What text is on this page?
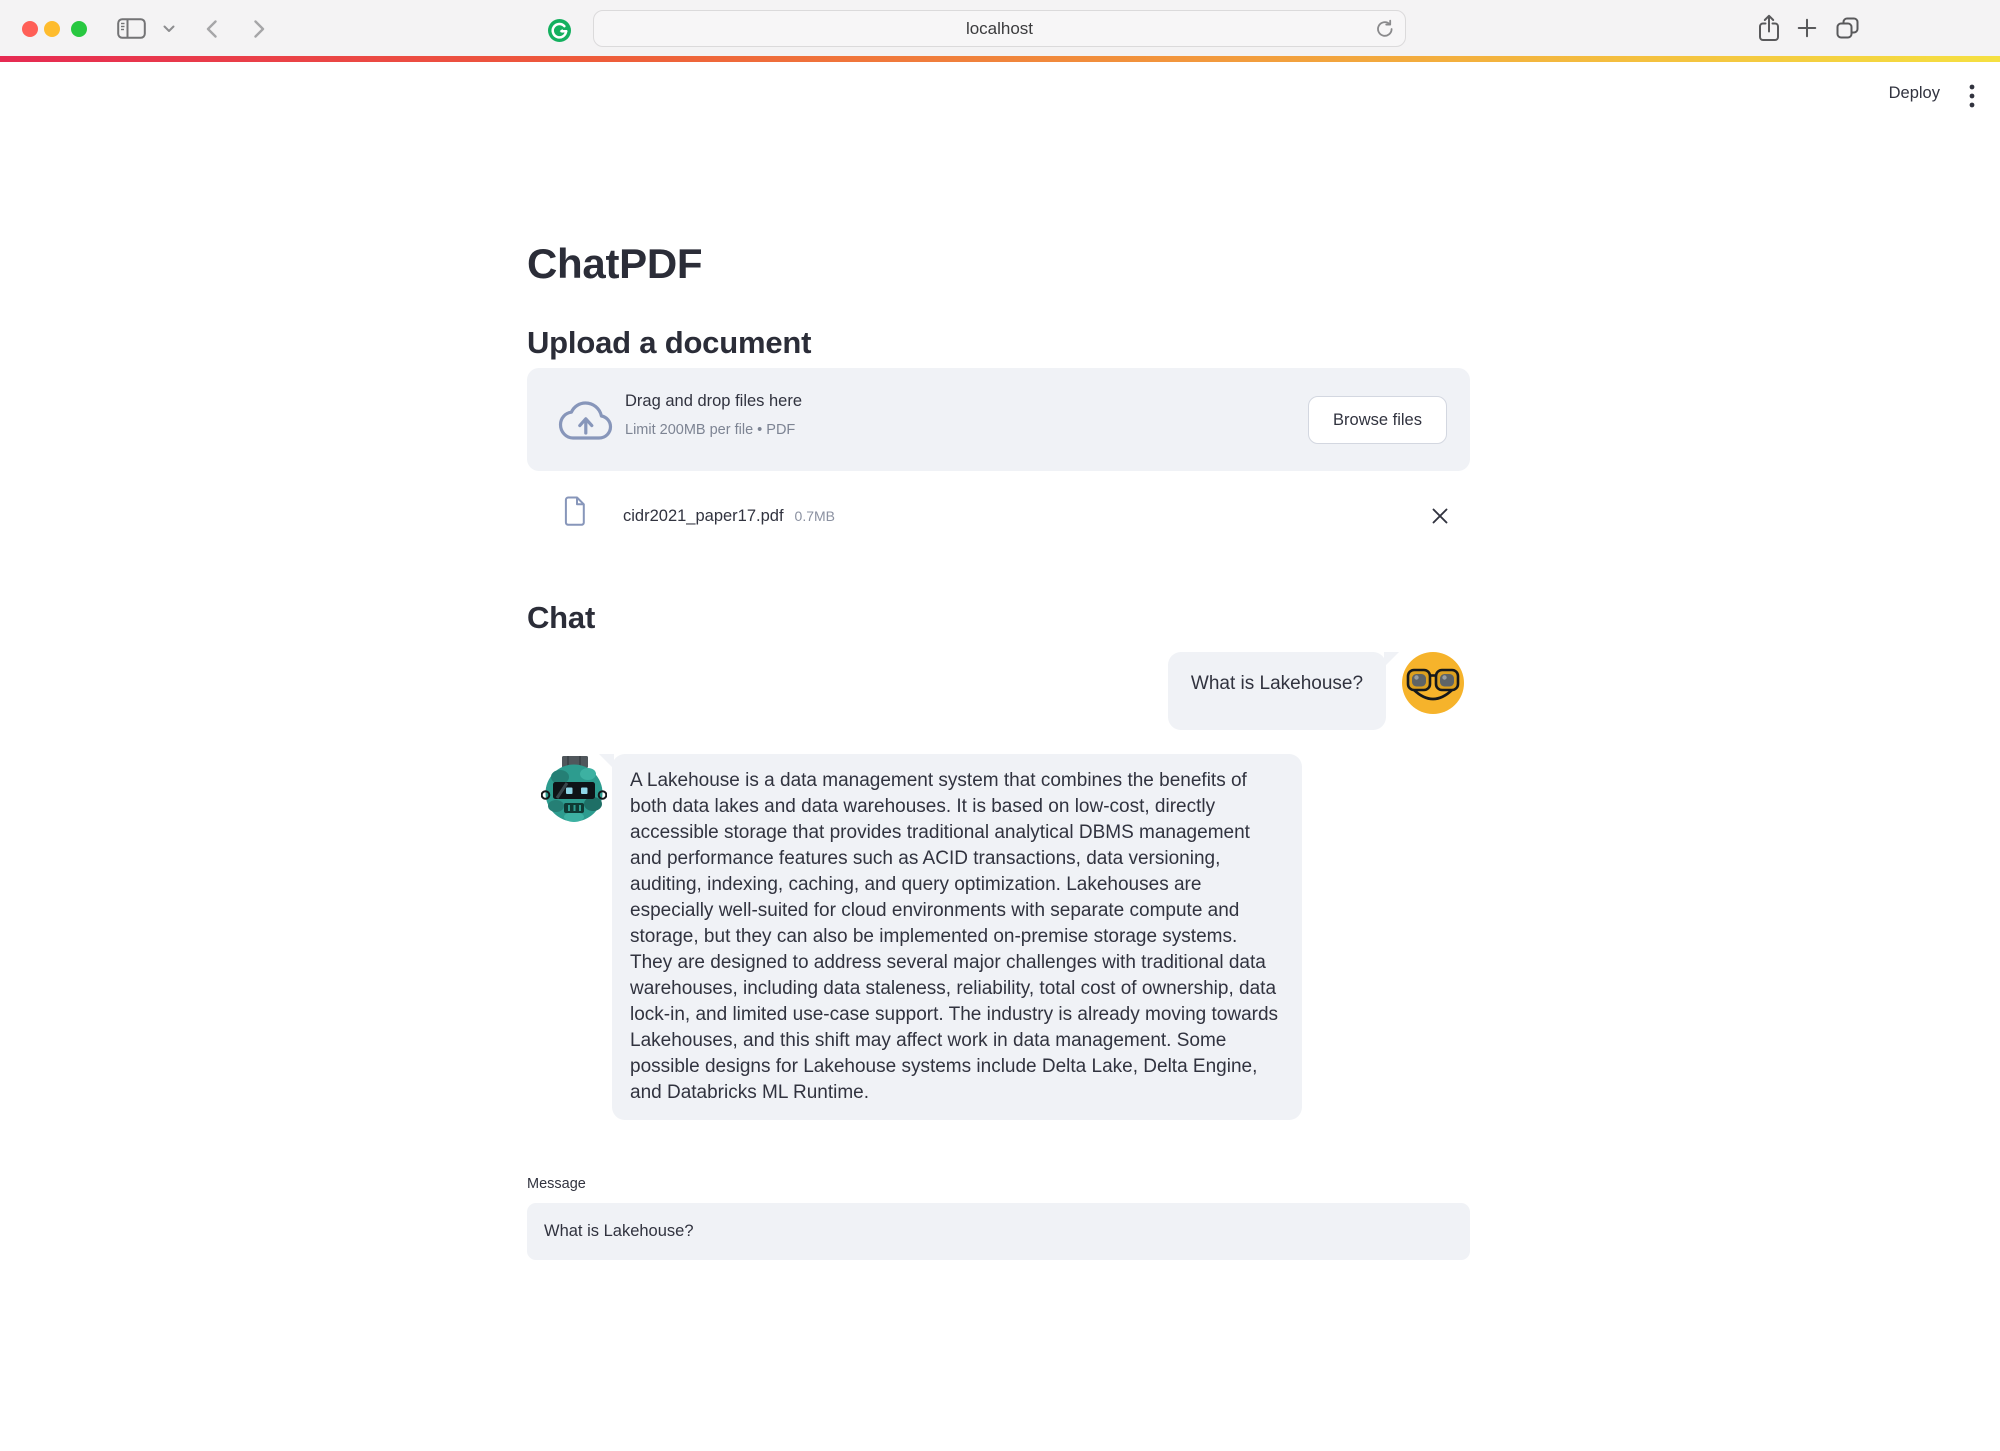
localhost
Deploy
ChatPDF
Upload a document
Drag and drop files here
Limit 200MB per file • PDF
Browse files
cidr2021_paper17.pdf 0.7MB
Chat
What is Lakehouse?
A Lakehouse is a data management system that combines the benefits of both data lakes and data warehouses. It is based on low-cost, directly accessible storage that provides traditional analytical DBMS management and performance features such as ACID transactions, data versioning, auditing, indexing, caching, and query optimization. Lakehouses are especially well-suited for cloud environments with separate compute and storage, but they can also be implemented on-premise storage systems. They are designed to address several major challenges with traditional data warehouses, including data staleness, reliability, total cost of ownership, data lock-in, and limited use-case support. The industry is already moving towards Lakehouses, and this shift may affect work in data management. Some possible designs for Lakehouse systems include Delta Lake, Delta Engine, and Databricks ML Runtime.
Message
What is Lakehouse?
